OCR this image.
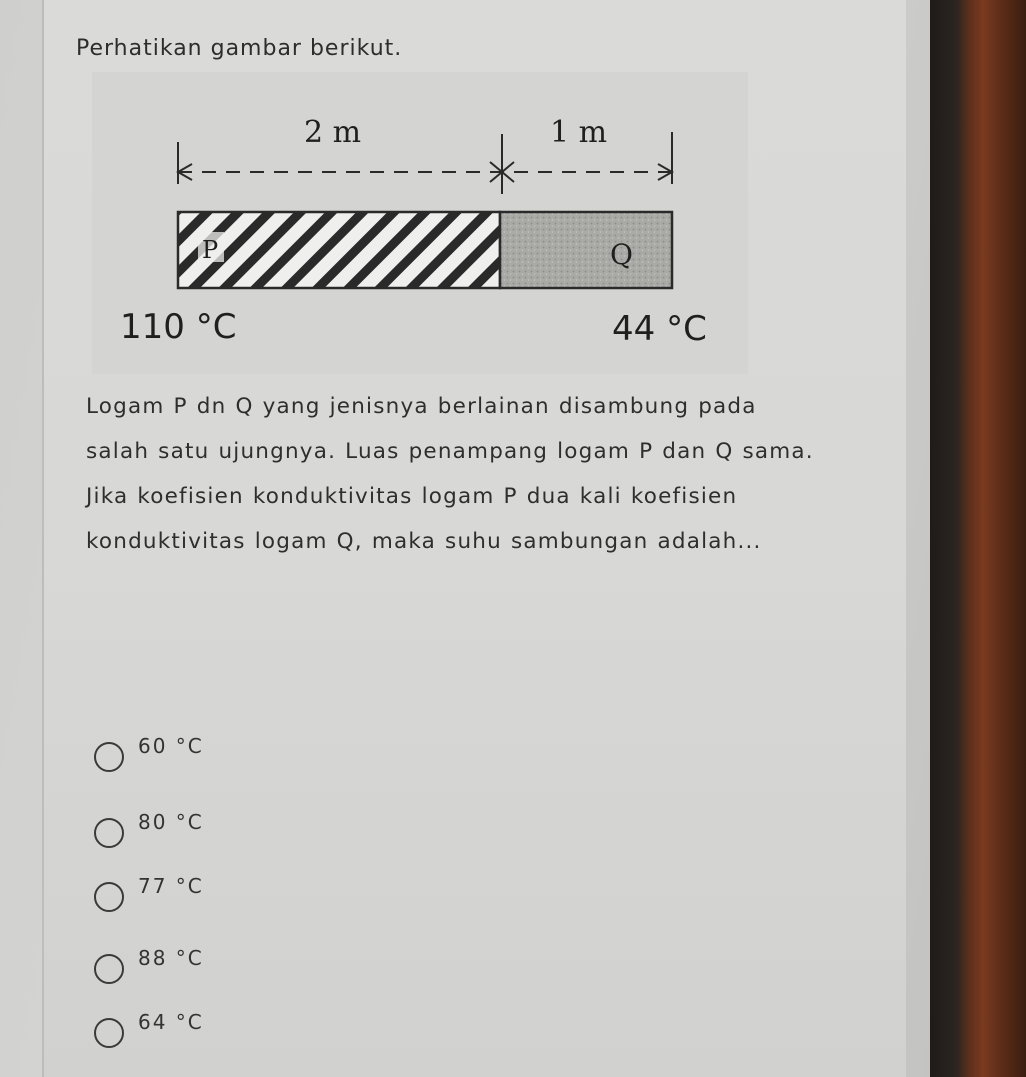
Perhatikan gambar berikut.
2 m	1 m
P	Q
110 °C	44 °C
Logam P dn Q yang jenisnya berlainan disambung pada salah satu ujungnya. Luas penampang logam P dan Q sama. Jika koefisien konduktivitas logam P dua kali koefisien konduktivitas logam Q, maka suhu sambungan adalah...
60 °C
80 °C
77 °C
88 °C
64 °C
